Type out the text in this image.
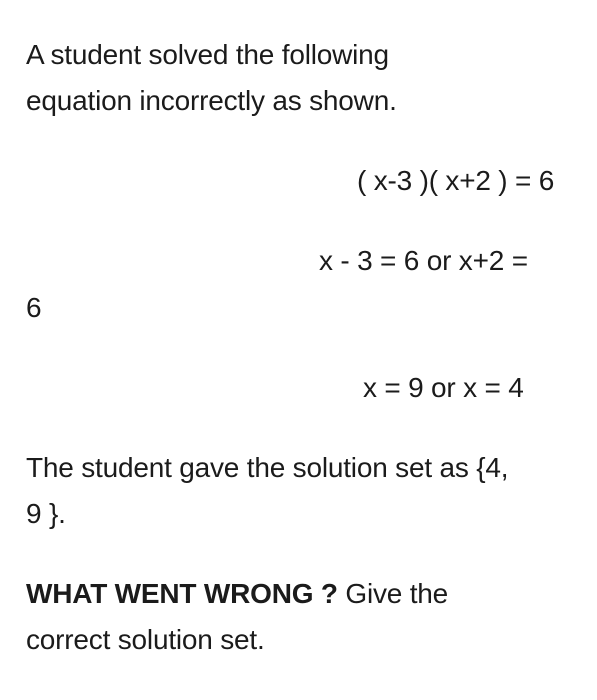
A student solved the following
equation incorrectly as shown.
( x-3 )( x+2 ) = 6
x - 3 = 6 or x+2 =
6
x = 9 or x = 4
The student gave the solution set as {4,
9 }.
WHAT WENT WRONG ? Give the
correct solution set.
